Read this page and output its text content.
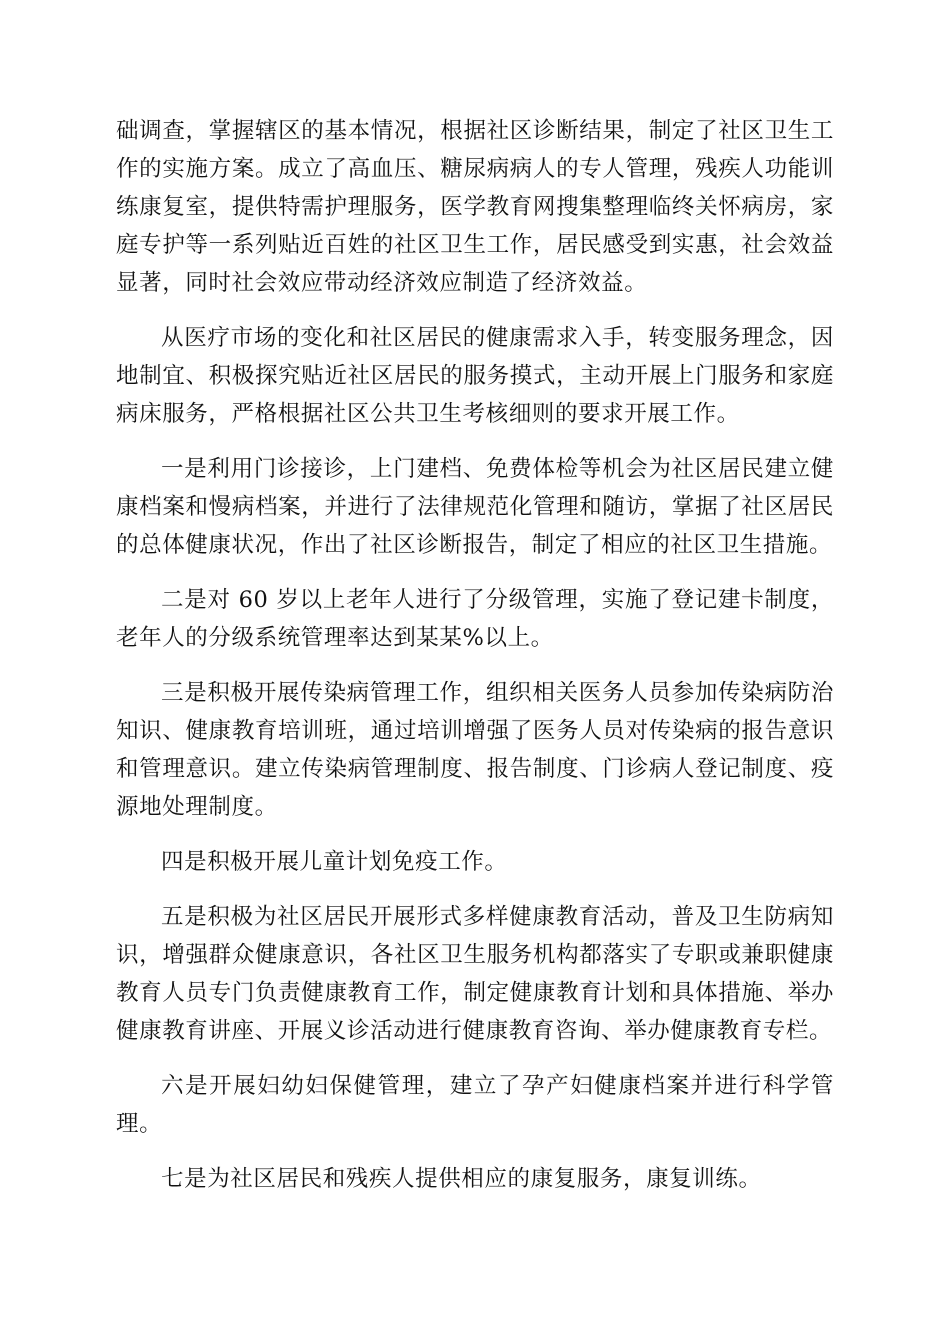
础调查，掌握辖区的基本情况，根据社区诊断结果，制定了社区卫生工作的实施方案。成立了高血压、糖尿病病人的专人管理，残疾人功能训练康复室，提供特需护理服务，医学教育网搜集整理临终关怀病房，家庭专护等一系列贴近百姓的社区卫生工作，居民感受到实惠，社会效益显著，同时社会效应带动经济效应制造了经济效益。

从医疗市场的变化和社区居民的健康需求入手，转变服务理念，因地制宜、积极探究贴近社区居民的服务摸式，主动开展上门服务和家庭病床服务，严格根据社区公共卫生考核细则的要求开展工作。

一是利用门诊接诊，上门建档、免费体检等机会为社区居民建立健康档案和慢病档案，并进行了法律规范化管理和随访，掌据了社区居民的总体健康状况，作出了社区诊断报告，制定了相应的社区卫生措施。

二是对 60 岁以上老年人进行了分级管理，实施了登记建卡制度，老年人的分级系统管理率达到某某%以上。

三是积极开展传染病管理工作，组织相关医务人员参加传染病防治知识、健康教育培训班，通过培训增强了医务人员对传染病的报告意识和管理意识。建立传染病管理制度、报告制度、门诊病人登记制度、疫源地处理制度。

四是积极开展儿童计划免疫工作。

五是积极为社区居民开展形式多样健康教育活动，普及卫生防病知识，增强群众健康意识，各社区卫生服务机构都落实了专职或兼职健康教育人员专门负责健康教育工作，制定健康教育计划和具体措施、举办健康教育讲座、开展义诊活动进行健康教育咨询、举办健康教育专栏。

六是开展妇幼妇保健管理，建立了孕产妇健康档案并进行科学管理。

七是为社区居民和残疾人提供相应的康复服务，康复训练。
